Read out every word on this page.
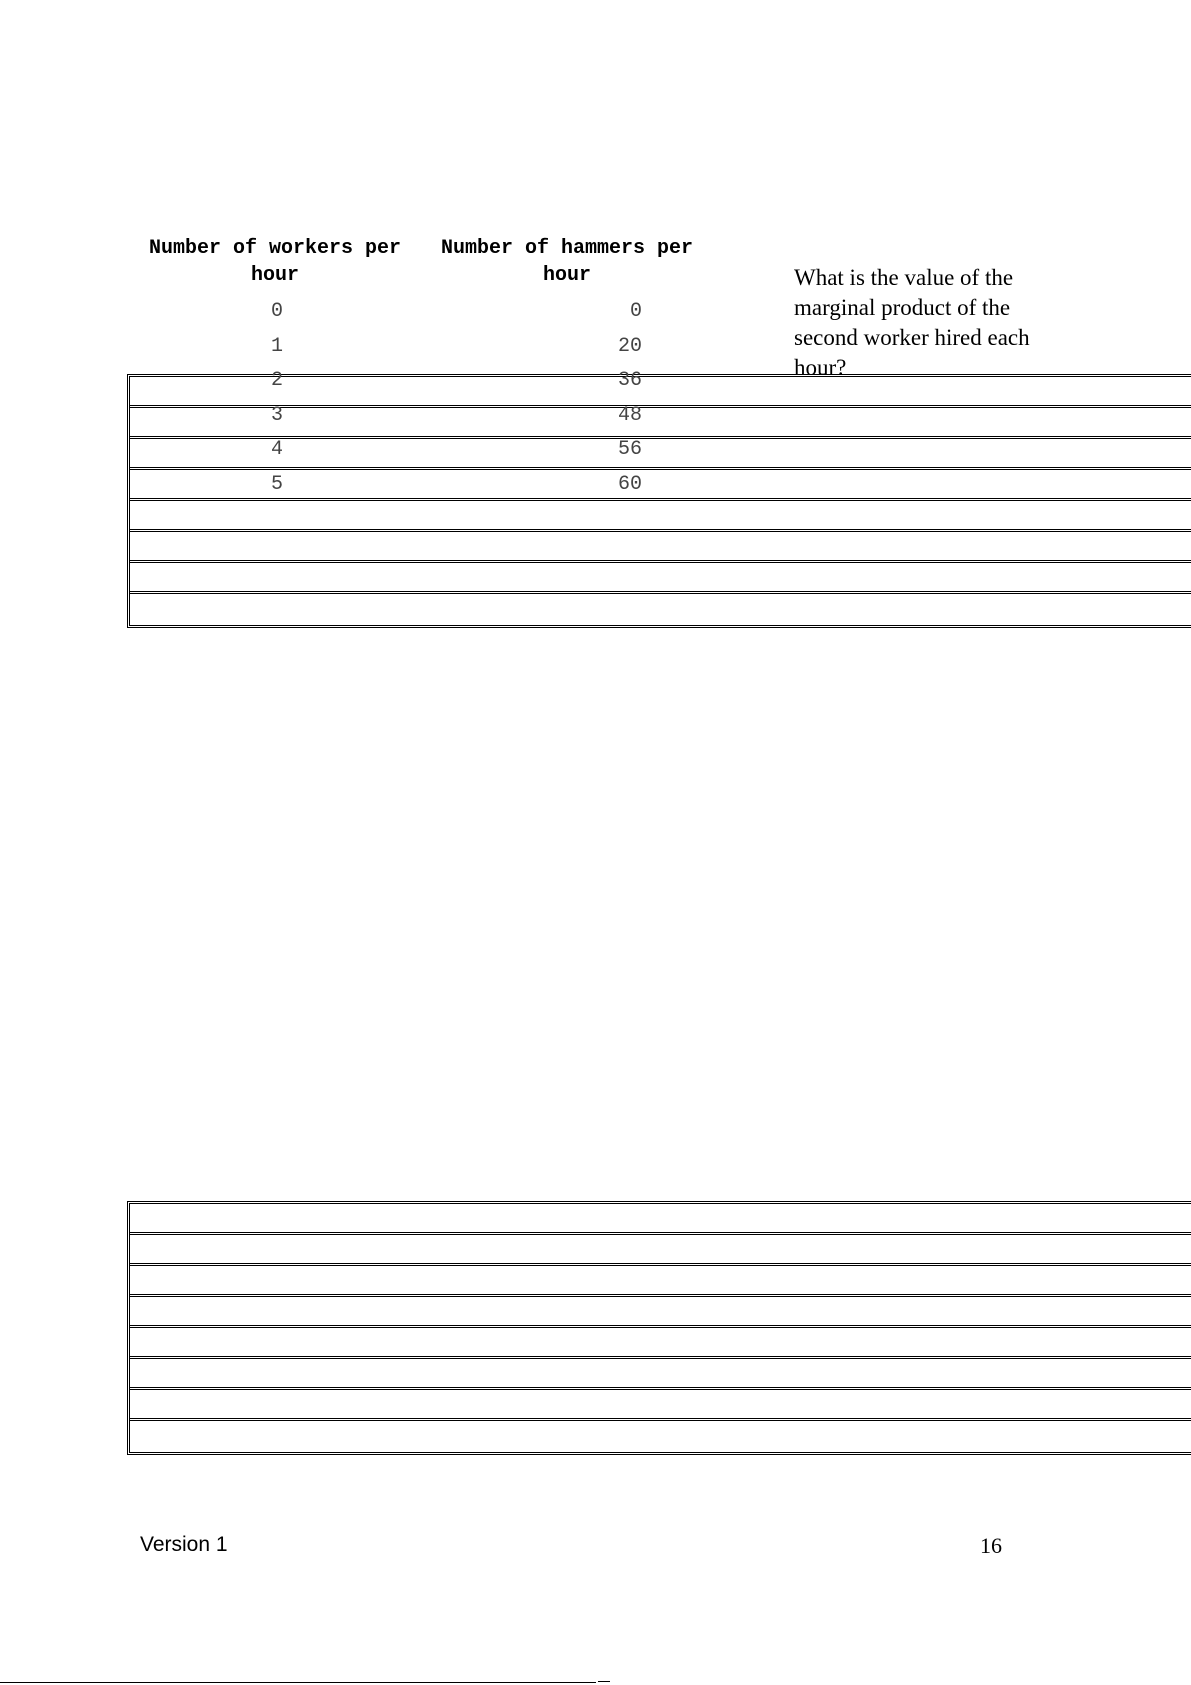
Number of workers per hour
Number of hammers per hour
0	0
1	20
2	36
3	48
4	56
5	60
What is the value of the marginal product of the second worker hired each hour?
Version 1	16
